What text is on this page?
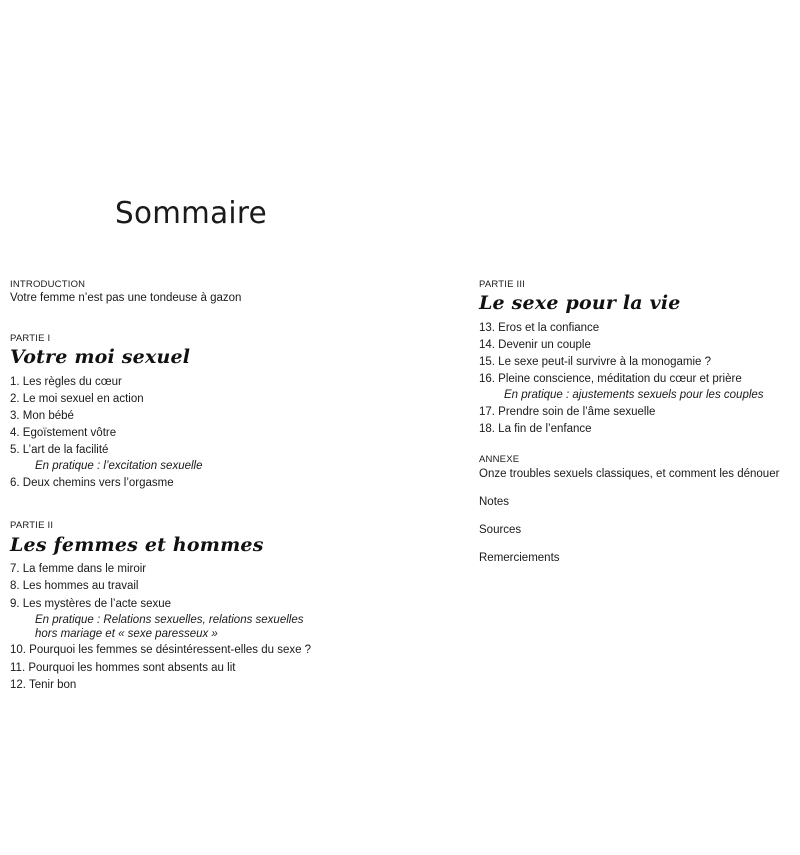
Sommaire
INTRODUCTION
Votre femme n’est pas une tondeuse à gazon
PARTIE I
Votre moi sexuel
1. Les règles du cœur
2. Le moi sexuel en action
3. Mon bébé
4. Egoïstement vôtre
5. L’art de la facilité
En pratique : l’excitation sexuelle
6. Deux chemins vers l’orgasme
PARTIE II
Les femmes et hommes
7. La femme dans le miroir
8. Les hommes au travail
9. Les mystères de l’acte sexue
En pratique : Relations sexuelles, relations sexuelles
hors mariage et « sexe paresseux »
10. Pourquoi les femmes se désintéressent-elles du sexe ?
11. Pourquoi les hommes sont absents au lit
12. Tenir bon
PARTIE III
Le sexe pour la vie
13. Eros et la confiance
14. Devenir un couple
15. Le sexe peut-il survivre à la monogamie ?
16. Pleine conscience, méditation du cœur et prière
En pratique : ajustements sexuels pour les couples
17. Prendre soin de l’âme sexuelle
18. La fin de l’enfance
ANNEXE
Onze troubles sexuels classiques, et comment les dénouer
Notes
Sources
Remerciements
